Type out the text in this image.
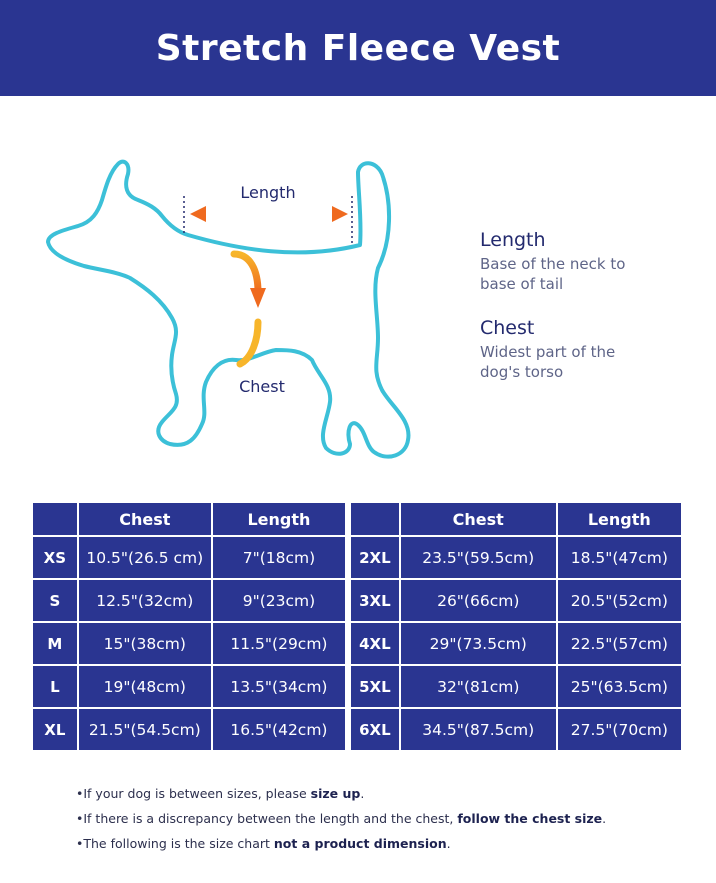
Stretch Fleece Vest
Length
Chest

Length

Base of the neck to
base of tail

Chest

Widest part of the
dog's torso

	Chest	Length
XS	10.5"(26.5 cm)	7"(18cm)
S	12.5"(32cm)	9"(23cm)
M	15"(38cm)	11.5"(29cm)
L	19"(48cm)	13.5"(34cm)
XL	21.5"(54.5cm)	16.5"(42cm)
	Chest	Length
2XL	23.5"(59.5cm)	18.5"(47cm)
3XL	26"(66cm)	20.5"(52cm)
4XL	29"(73.5cm)	22.5"(57cm)
5XL	32"(81cm)	25"(63.5cm)
6XL	34.5"(87.5cm)	27.5"(70cm)

•If your dog is between sizes, please size up.

•If there is a discrepancy between the length and the chest, follow the chest size.

•The following is the size chart not a product dimension.
